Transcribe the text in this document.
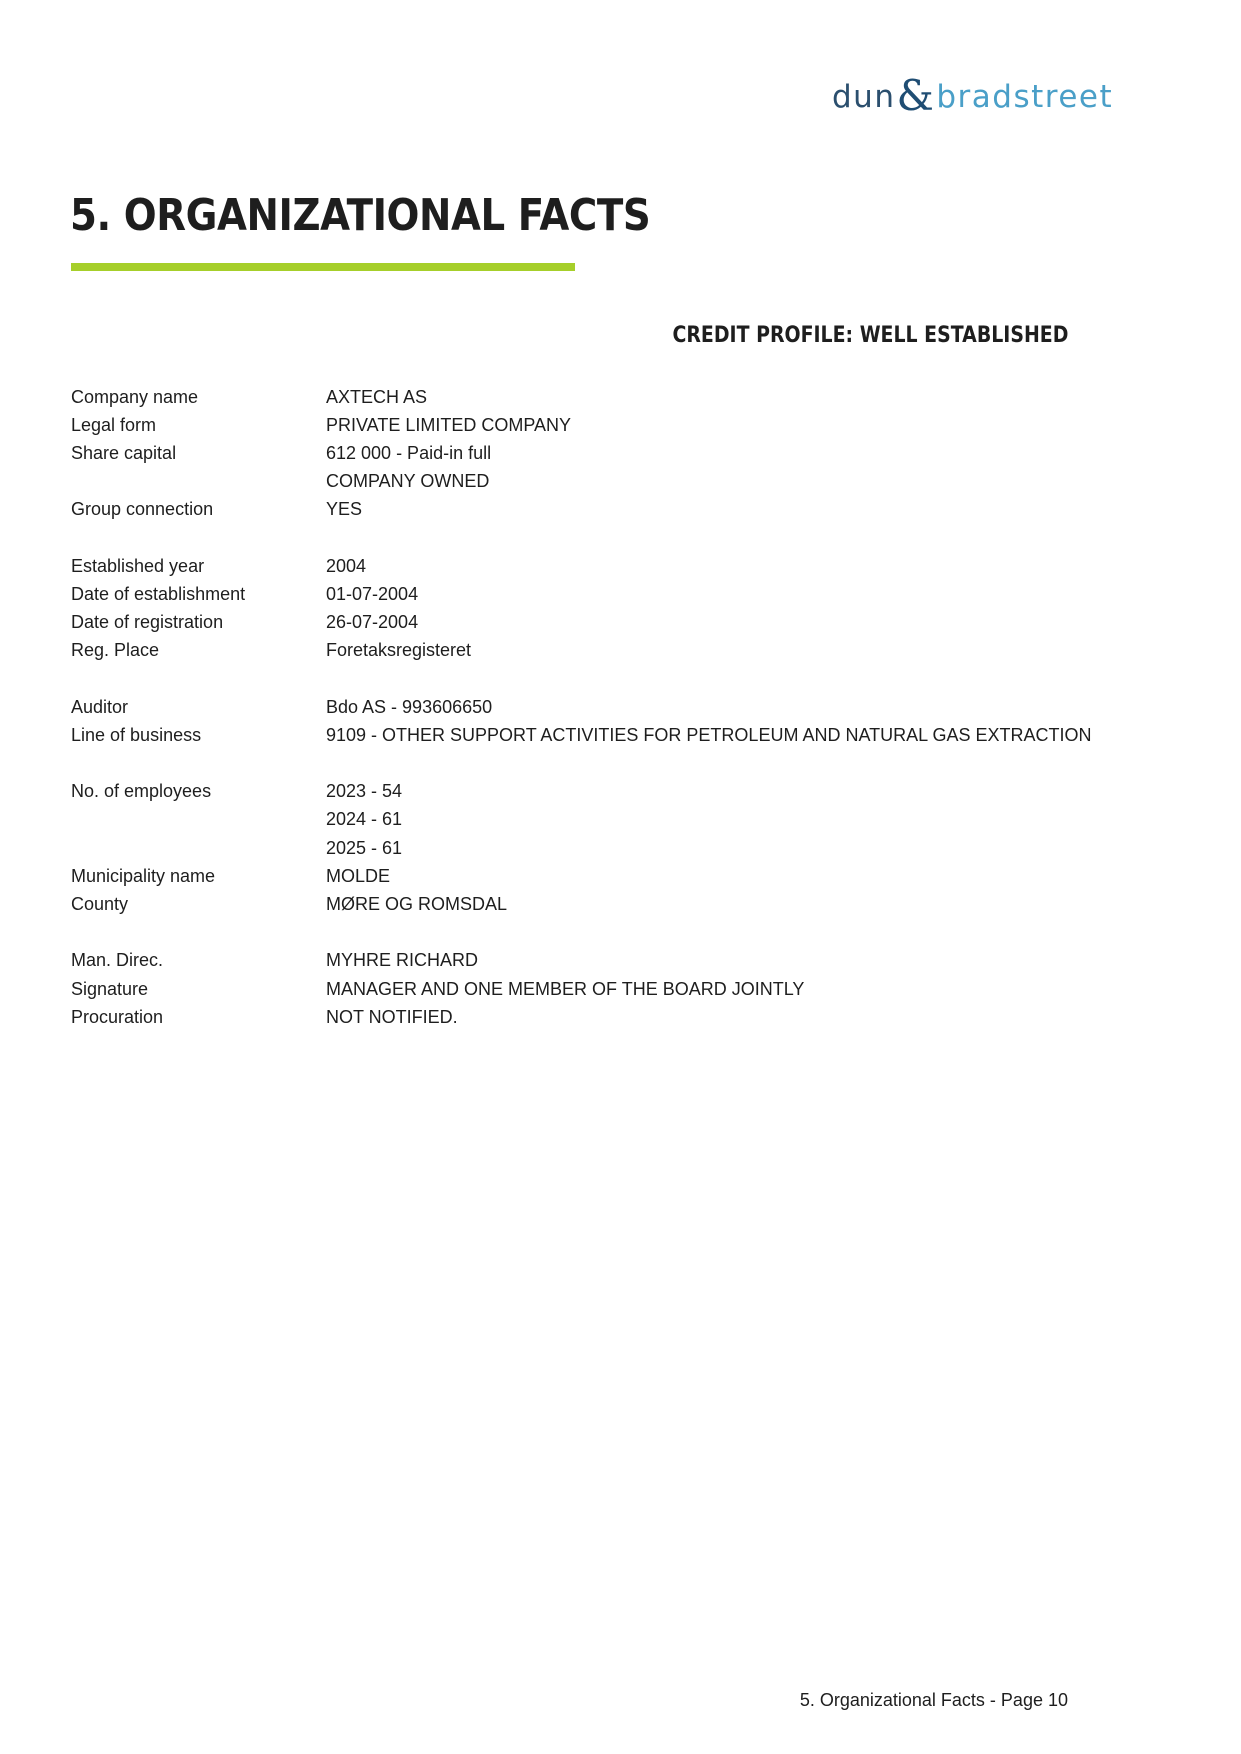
dun & bradstreet
5. ORGANIZATIONAL FACTS
CREDIT PROFILE: WELL ESTABLISHED
Company name	AXTECH AS
Legal form	PRIVATE LIMITED COMPANY
Share capital	612 000 - Paid-in full
COMPANY OWNED
Group connection	YES
Established year	2004
Date of establishment	01-07-2004
Date of registration	26-07-2004
Reg. Place	Foretaksregisteret
Auditor	Bdo AS - 993606650
Line of business	9109 - OTHER SUPPORT ACTIVITIES FOR PETROLEUM AND NATURAL GAS EXTRACTION
No. of employees	2023 - 54
2024 - 61
2025 - 61
Municipality name	MOLDE
County	MØRE OG ROMSDAL
Man. Direc.	MYHRE RICHARD
Signature	MANAGER AND ONE MEMBER OF THE BOARD JOINTLY
Procuration	NOT NOTIFIED.
5. Organizational Facts - Page 10
